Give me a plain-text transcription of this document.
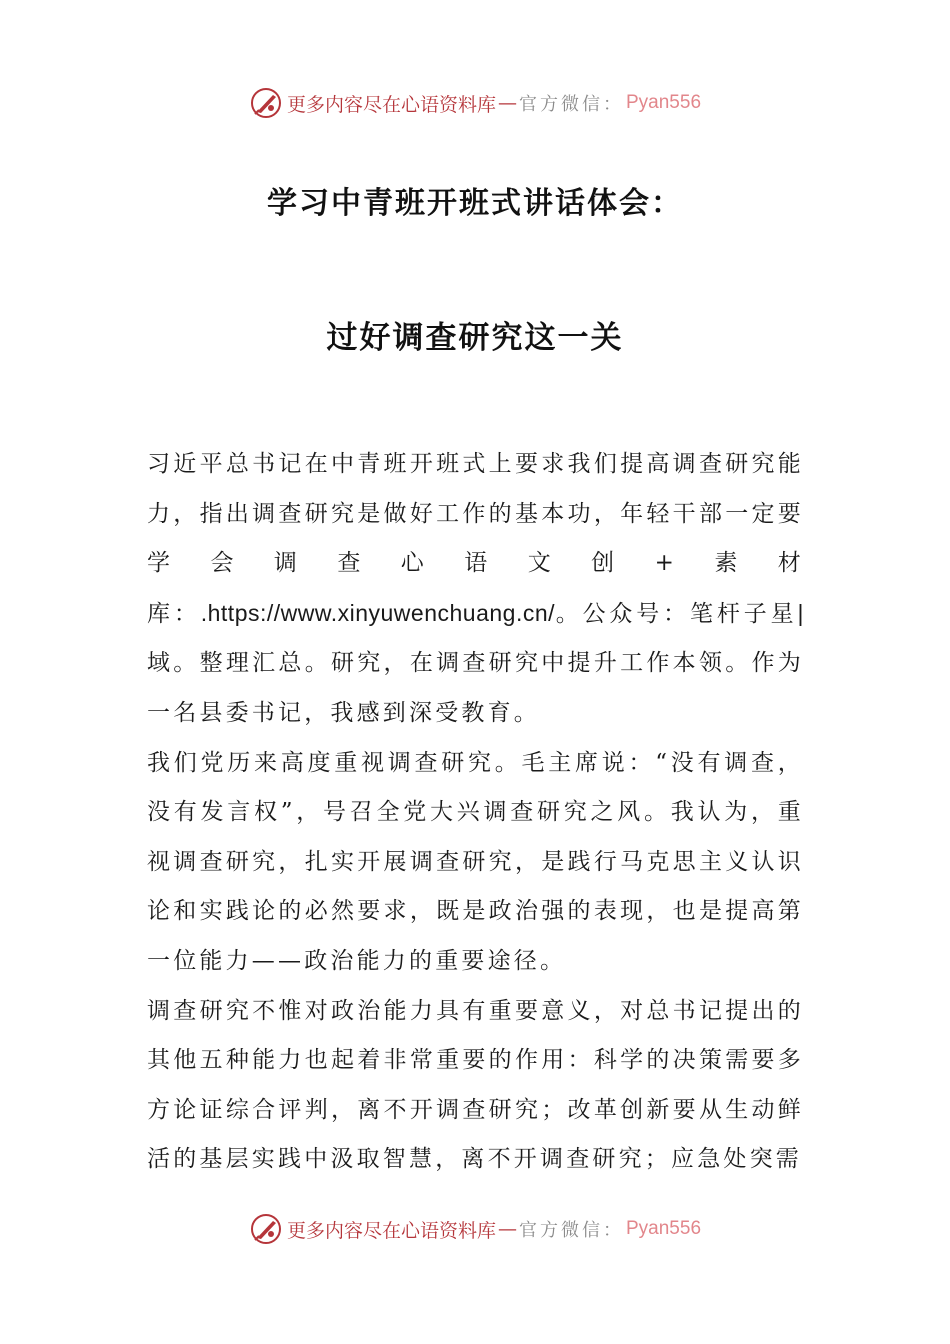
更多内容尽在心语资料库 — 官方微信： Pyan556
学习中青班开班式讲话体会：
过好调查研究这一关

习近平总书记在中青班开班式上要求我们提高调查研究能力，指出调查研究是做好工作的基本功，年轻干部一定要学会调查心语文创+素材库：.https://www.xinyuwenchuang.cn/。公众号：笔杆子星|域。整理汇总。研究，在调查研究中提升工作本领。作为一名县委书记，我感到深受教育。

我们党历来高度重视调查研究。毛主席说：“没有调查，没有发言权”，号召全党大兴调查研究之风。我认为，重视调查研究，扎实开展调查研究，是践行马克思主义认识论和实践论的必然要求，既是政治强的表现，也是提高第一位能力——政治能力的重要途径。

调查研究不惟对政治能力具有重要意义，对总书记提出的其他五种能力也起着非常重要的作用：科学的决策需要多方论证综合评判，离不开调查研究；改革创新要从生动鲜活的基层实践中汲取智慧，离不开调查研究；应急处突需

更多内容尽在心语资料库 — 官方微信： Pyan556
